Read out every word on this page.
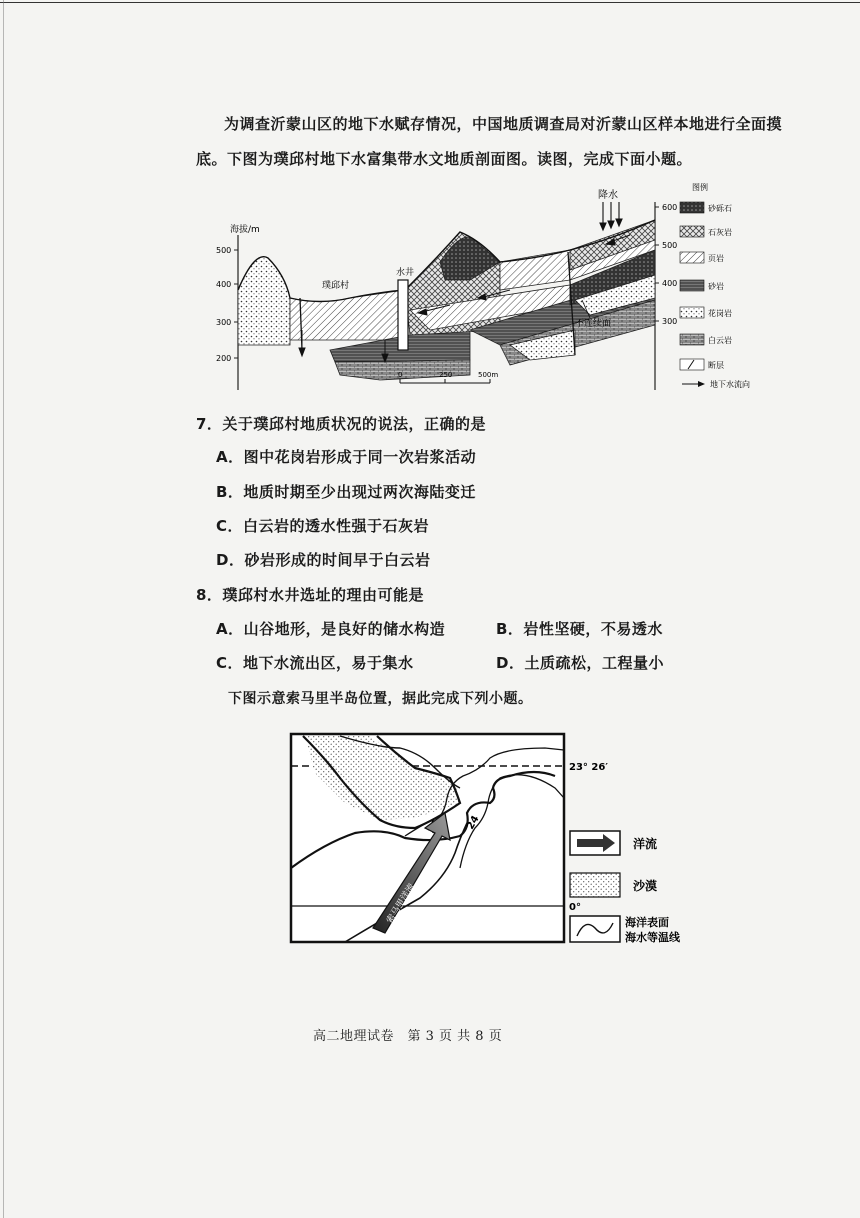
为调查沂蒙山区的地下水赋存情况，中国地质调查局对沂蒙山区样本地进行全面摸
底。下图为璞邱村地下水富集带水文地质剖面图。读图，完成下面小题。
海拔/m
500
400
300
200
600
500
400
300
水井
璞邱村
降水
不连续面
0	250	500m
图例
砂砾石
石灰岩
页岩
砂岩
花岗岩
白云岩
断层
地下水流向
7．关于璞邱村地质状况的说法，正确的是
A．图中花岗岩形成于同一次岩浆活动
B．地质时期至少出现过两次海陆变迁
C．白云岩的透水性强于石灰岩
D．砂岩形成的时间早于白云岩
8．璞邱村水井选址的理由可能是
A．山谷地形，是良好的储水构造	B．岩性坚硬，不易透水
C．地下水流出区，易于集水	D．土质疏松，工程量小
下图示意索马里半岛位置，据此完成下列小题。
23° 26′
0°
24
索马里洋流
洋流
沙漠
海洋表面
海水等温线
高二地理试卷　第 3 页 共 8 页
